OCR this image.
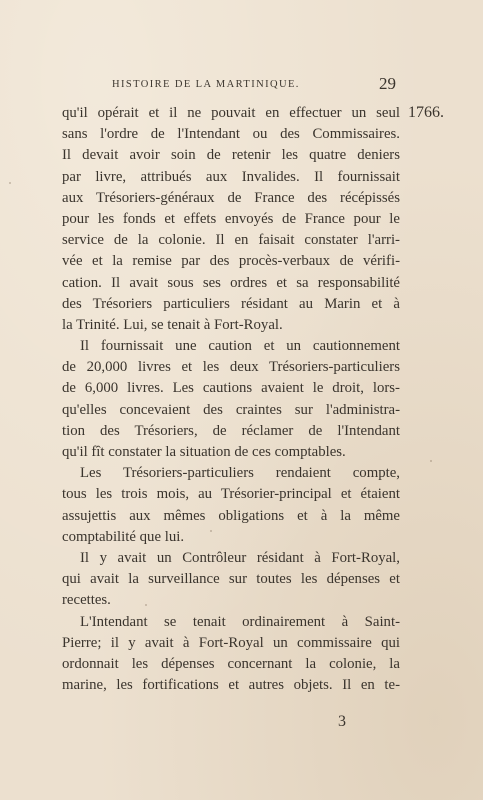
HISTOIRE DE LA MARTINIQUE.	29
1766.
qu'il opérait et il ne pouvait en effectuer un seul
sans l'ordre de l'Intendant ou des Commissaires.
Il devait avoir soin de retenir les quatre deniers
par livre, attribués aux Invalides. Il fournissait
aux Trésoriers-généraux de France des récépissés
pour les fonds et effets envoyés de France pour le
service de la colonie. Il en faisait constater l'arri-
vée et la remise par des procès-verbaux de vérifi-
cation. Il avait sous ses ordres et sa responsabilité
des Trésoriers particuliers résidant au Marin et à
la Trinité. Lui, se tenait à Fort-Royal.
Il fournissait une caution et un cautionnement
de 20,000 livres et les deux Trésoriers-particuliers
de 6,000 livres. Les cautions avaient le droit, lors-
qu'elles concevaient des craintes sur l'administra-
tion des Trésoriers, de réclamer de l'Intendant
qu'il fît constater la situation de ces comptables.
Les Trésoriers-particuliers rendaient compte,
tous les trois mois, au Trésorier-principal et étaient
assujettis aux mêmes obligations et à la même
comptabilité que lui.
Il y avait un Contrôleur résidant à Fort-Royal,
qui avait la surveillance sur toutes les dépenses et
recettes.
L'Intendant se tenait ordinairement à Saint-
Pierre; il y avait à Fort-Royal un commissaire qui
ordonnait les dépenses concernant la colonie, la
marine, les fortifications et autres objets. Il en te-
3
